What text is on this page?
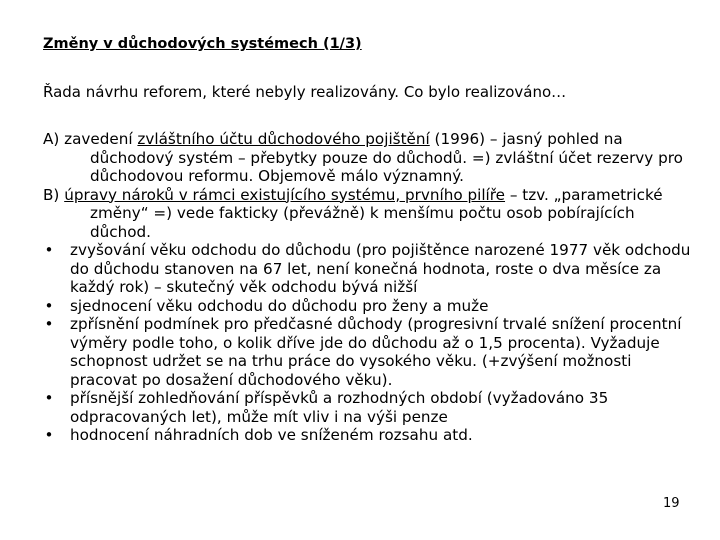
Změny v důchodových systémech (1/3)
Řada návrhu reforem, které nebyly realizovány. Co bylo realizováno…

A) zavedení zvláštního účtu důchodového pojištění (1996) – jasný pohled na důchodový systém – přebytky pouze do důchodů. =) zvláštní účet rezervy pro důchodovou reformu. Objemově málo významný.

B) úpravy nároků v rámci existujícího systému, prvního pilíře – tzv. „parametrické změny“ =) vede fakticky (převážně) k menšímu počtu osob pobírajících důchod.

• zvyšování věku odchodu do důchodu (pro pojištěnce narozené 1977 věk odchodu do důchodu stanoven na 67 let, není konečná hodnota, roste o dva měsíce za každý rok) – skutečný věk odchodu bývá nižší
• sjednocení věku odchodu do důchodu pro ženy a muže
• zpřísnění podmínek pro předčasné důchody (progresivní trvalé snížení procentní výměry podle toho, o kolik dříve jde do důchodu až o 1,5 procenta). Vyžaduje schopnost udržet se na trhu práce do vysokého věku. (+zvýšení možnosti pracovat po dosažení důchodového věku).
• přísnější zohledňování příspěvků a rozhodných období (vyžadováno 35 odpracovaných let), může mít vliv i na výši penze
• hodnocení náhradních dob ve sníženém rozsahu atd.
19
